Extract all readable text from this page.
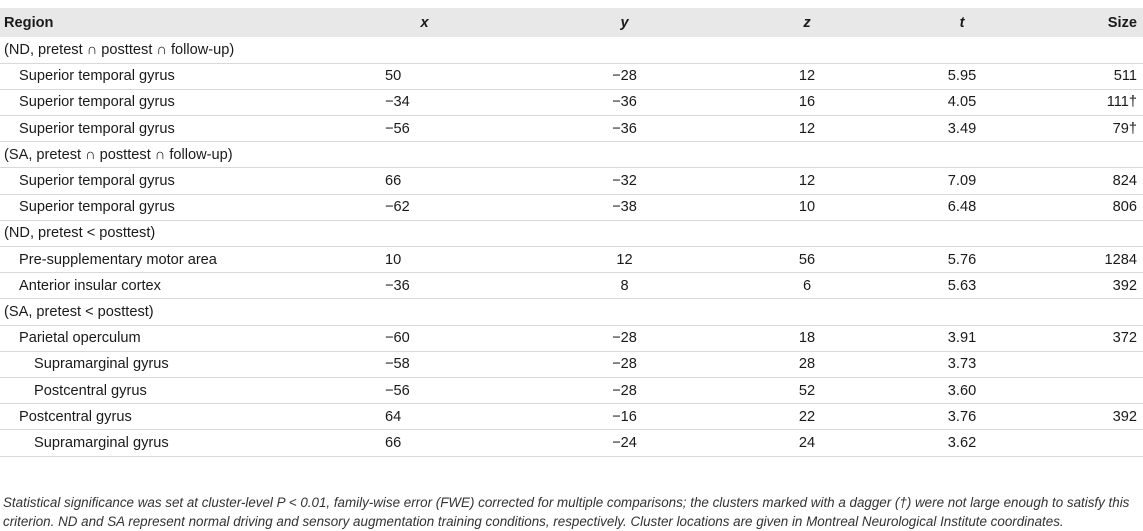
Region	x	y	z	t	Size
(ND, pretest ∩ posttest ∩ follow-up)					
Superior temporal gyrus	50	−28	12	5.95	511
Superior temporal gyrus	−34	−36	16	4.05	111†
Superior temporal gyrus	−56	−36	12	3.49	79†
(SA, pretest ∩ posttest ∩ follow-up)					
Superior temporal gyrus	66	−32	12	7.09	824
Superior temporal gyrus	−62	−38	10	6.48	806
(ND, pretest < posttest)					
Pre-supplementary motor area	10	12	56	5.76	1284
Anterior insular cortex	−36	8	6	5.63	392
(SA, pretest < posttest)					
Parietal operculum	−60	−28	18	3.91	372
Supramarginal gyrus	−58	−28	28	3.73	
Postcentral gyrus	−56	−28	52	3.60	
Postcentral gyrus	64	−16	22	3.76	392
Supramarginal gyrus	66	−24	24	3.62	
Statistical significance was set at cluster-level P < 0.01, family-wise error (FWE) corrected for multiple comparisons; the clusters marked with a dagger (†) were not large enough to satisfy this criterion. ND and SA represent normal driving and sensory augmentation training conditions, respectively. Cluster locations are given in Montreal Neurological Institute coordinates.
